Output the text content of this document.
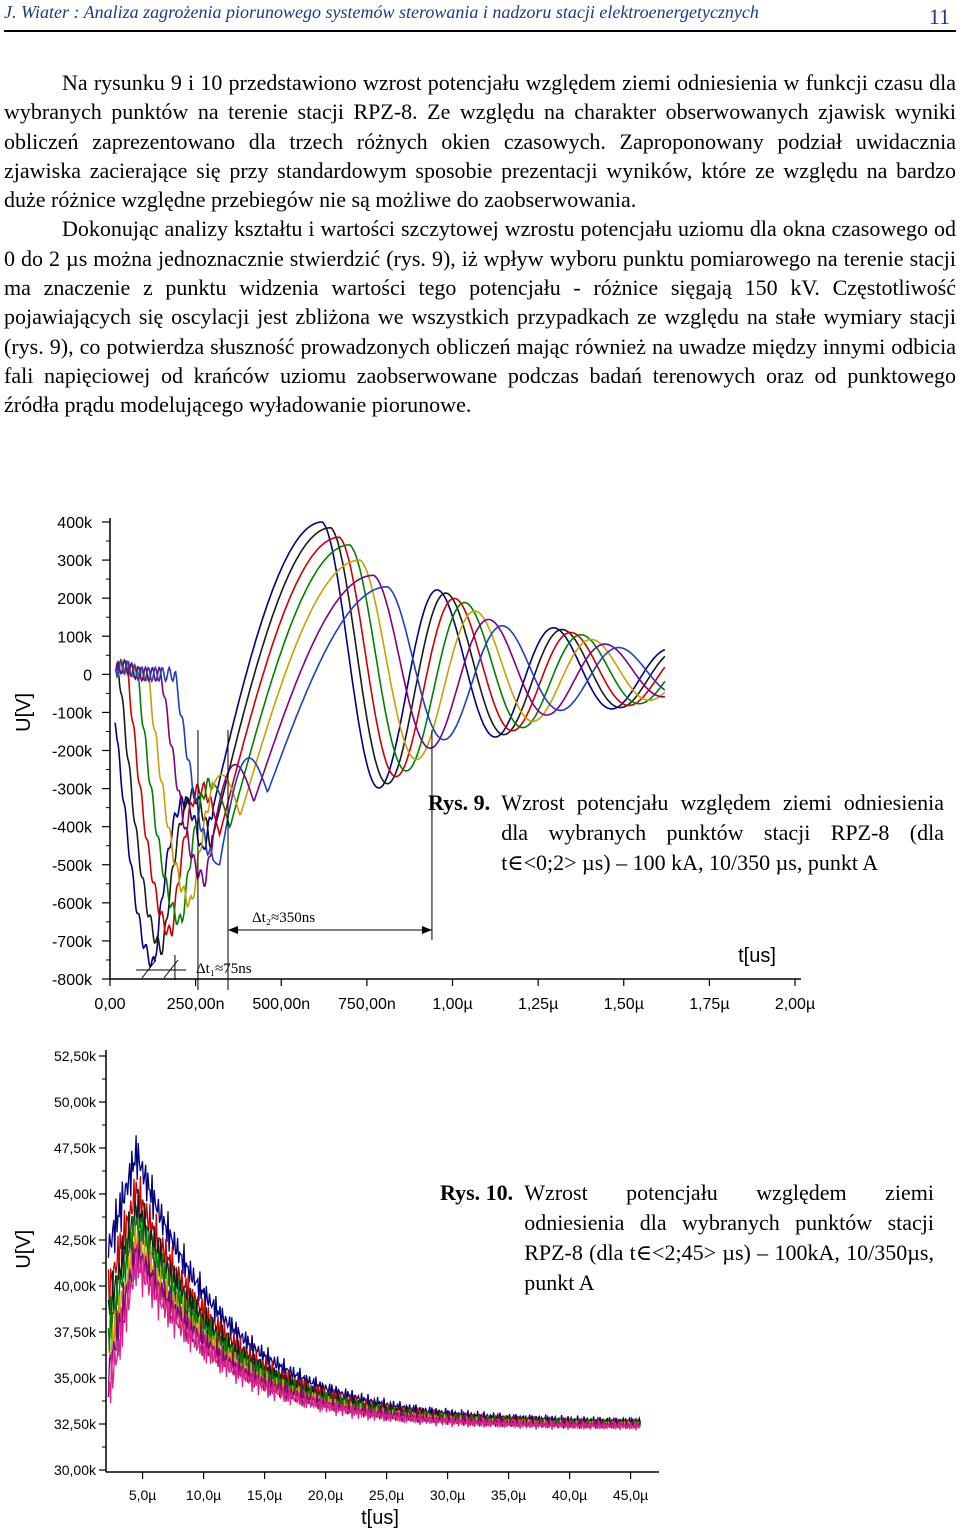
J. Wiater : Analiza zagrożenia piorunowego systemów sterowania i nadzoru stacji elektroenergetycznych	11

Na rysunku 9 i 10 przedstawiono wzrost potencjału względem ziemi odniesienia w funkcji czasu dla wybranych punktów na terenie stacji RPZ-8. Ze względu na charakter obserwowanych zjawisk wyniki obliczeń zaprezentowano dla trzech różnych okien czasowych. Zaproponowany podział uwidacznia zjawiska zacierające się przy standardowym sposobie prezentacji wyników, które ze względu na bardzo duże różnice względne przebiegów nie są możliwe do zaobserwowania.

Dokonując analizy kształtu i wartości szczytowej wzrostu potencjału uziomu dla okna czasowego od 0 do 2 µs można jednoznacznie stwierdzić (rys. 9), iż wpływ wyboru punktu pomiarowego na terenie stacji ma znaczenie z punktu widzenia wartości tego potencjału - różnice sięgają 150 kV. Częstotliwość pojawiających się oscylacji jest zbliżona we wszystkich przypadkach ze względu na stałe wymiary stacji (rys. 9), co potwierdza słuszność prowadzonych obliczeń mając również na uwadze między innymi odbicia fali napięciowej od krańców uziomu zaobserwowane podczas badań terenowych oraz od punktowego źródła prądu modelującego wyładowanie piorunowe.

400k
300k
200k
100k
0
-100k
-200k
-300k
-400k
-500k
-600k
-700k
-800k
0,00	250,00n 500,00n 750,00n 1,00µ	1,25µ	1,50µ	1,75µ	2,00µ
U[V]
t[us]
Δt₁≈75ns
Δt₂≈350ns
52,50k
50,00k
47,50k
45,00k
42,50k
40,00k
37,50k
35,00k
32,50k
30,00k
5,0µ 10,0µ 15,0µ 20,0µ 25,0µ 30,0µ 35,0µ 40,0µ 45,0µ
U[V]
t[us]
Rys. 9. Wzrost potencjału względem ziemi odniesienia dla wybranych punktów stacji RPZ-8 (dla t∈<0;2> µs) – 100 kA, 10/350 µs, punkt A
Rys. 10. Wzrost potencjału względem ziemi odniesienia dla wybranych punktów stacji RPZ-8 (dla t∈<2;45> µs) – 100kA, 10/350µs, punkt A
